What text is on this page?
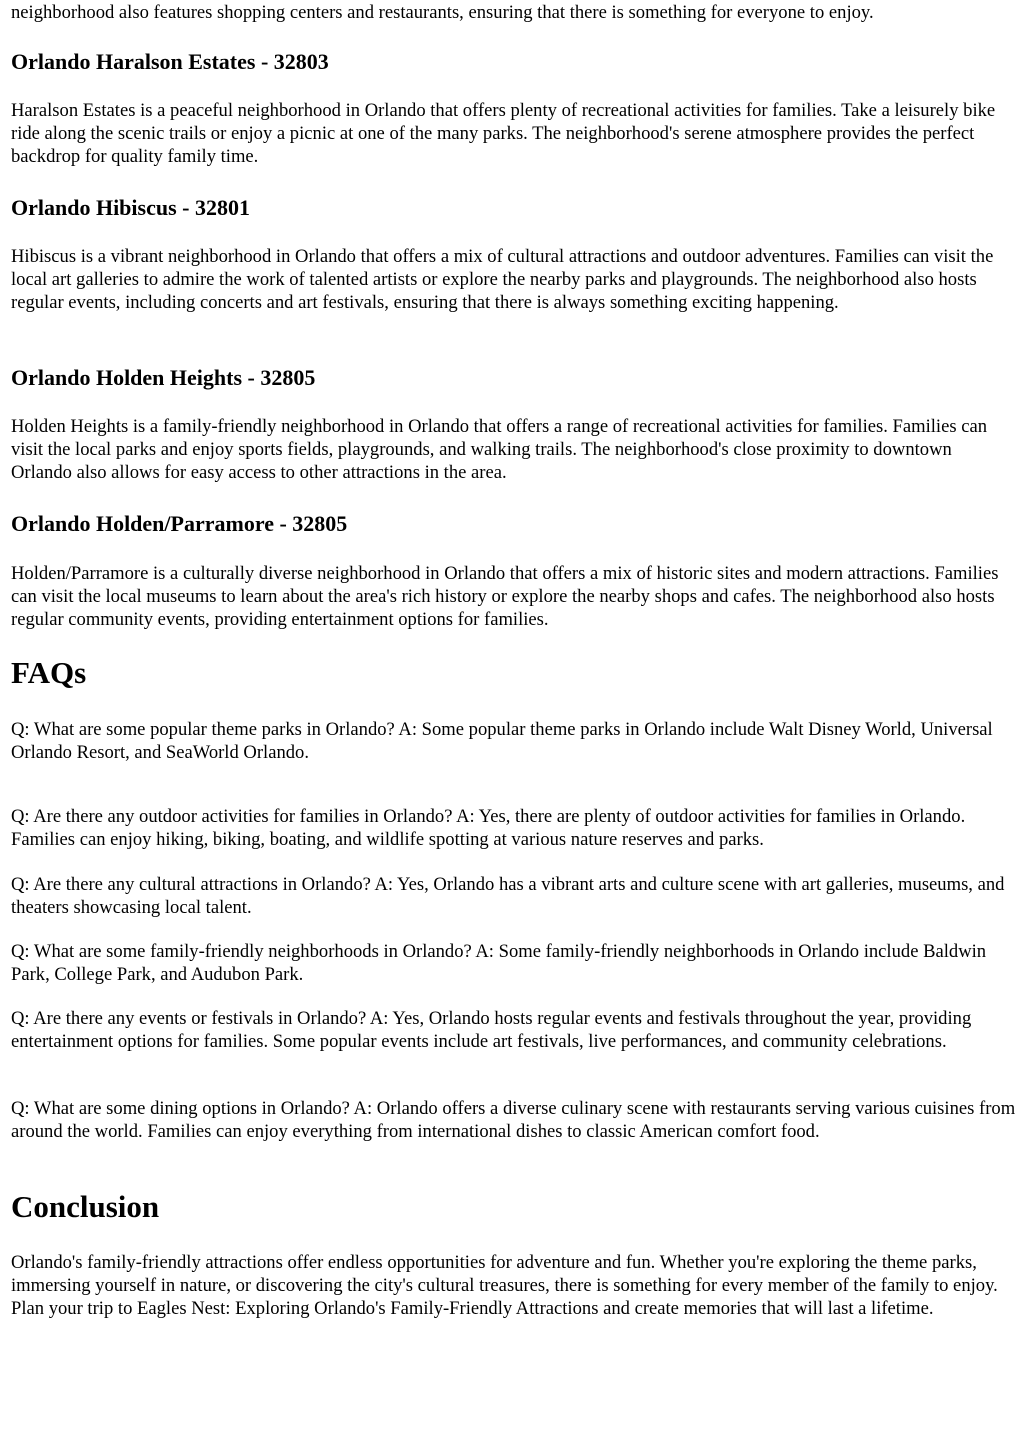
neighborhood also features shopping centers and restaurants, ensuring that there is something for everyone to enjoy.

Orlando Haralson Estates - 32803

Haralson Estates is a peaceful neighborhood in Orlando that offers plenty of recreational activities for families. Take a leisurely bike ride along the scenic trails or enjoy a picnic at one of the many parks. The neighborhood's serene atmosphere provides the perfect backdrop for quality family time.

Orlando Hibiscus - 32801

Hibiscus is a vibrant neighborhood in Orlando that offers a mix of cultural attractions and outdoor adventures. Families can visit the local art galleries to admire the work of talented artists or explore the nearby parks and playgrounds. The neighborhood also hosts regular events, including concerts and art festivals, ensuring that there is always something exciting happening.

Orlando Holden Heights - 32805

Holden Heights is a family-friendly neighborhood in Orlando that offers a range of recreational activities for families. Families can visit the local parks and enjoy sports fields, playgrounds, and walking trails. The neighborhood's close proximity to downtown Orlando also allows for easy access to other attractions in the area.

Orlando Holden/Parramore - 32805

Holden/Parramore is a culturally diverse neighborhood in Orlando that offers a mix of historic sites and modern attractions. Families can visit the local museums to learn about the area's rich history or explore the nearby shops and cafes. The neighborhood also hosts regular community events, providing entertainment options for families.

FAQs

Q: What are some popular theme parks in Orlando? A: Some popular theme parks in Orlando include Walt Disney World, Universal Orlando Resort, and SeaWorld Orlando.

Q: Are there any outdoor activities for families in Orlando? A: Yes, there are plenty of outdoor activities for families in Orlando. Families can enjoy hiking, biking, boating, and wildlife spotting at various nature reserves and parks.

Q: Are there any cultural attractions in Orlando? A: Yes, Orlando has a vibrant arts and culture scene with art galleries, museums, and theaters showcasing local talent.

Q: What are some family-friendly neighborhoods in Orlando? A: Some family-friendly neighborhoods in Orlando include Baldwin Park, College Park, and Audubon Park.

Q: Are there any events or festivals in Orlando? A: Yes, Orlando hosts regular events and festivals throughout the year, providing entertainment options for families. Some popular events include art festivals, live performances, and community celebrations.

Q: What are some dining options in Orlando? A: Orlando offers a diverse culinary scene with restaurants serving various cuisines from around the world. Families can enjoy everything from international dishes to classic American comfort food.

Conclusion

Orlando's family-friendly attractions offer endless opportunities for adventure and fun. Whether you're exploring the theme parks, immersing yourself in nature, or discovering the city's cultural treasures, there is something for every member of the family to enjoy. Plan your trip to Eagles Nest: Exploring Orlando's Family-Friendly Attractions and create memories that will last a lifetime.
